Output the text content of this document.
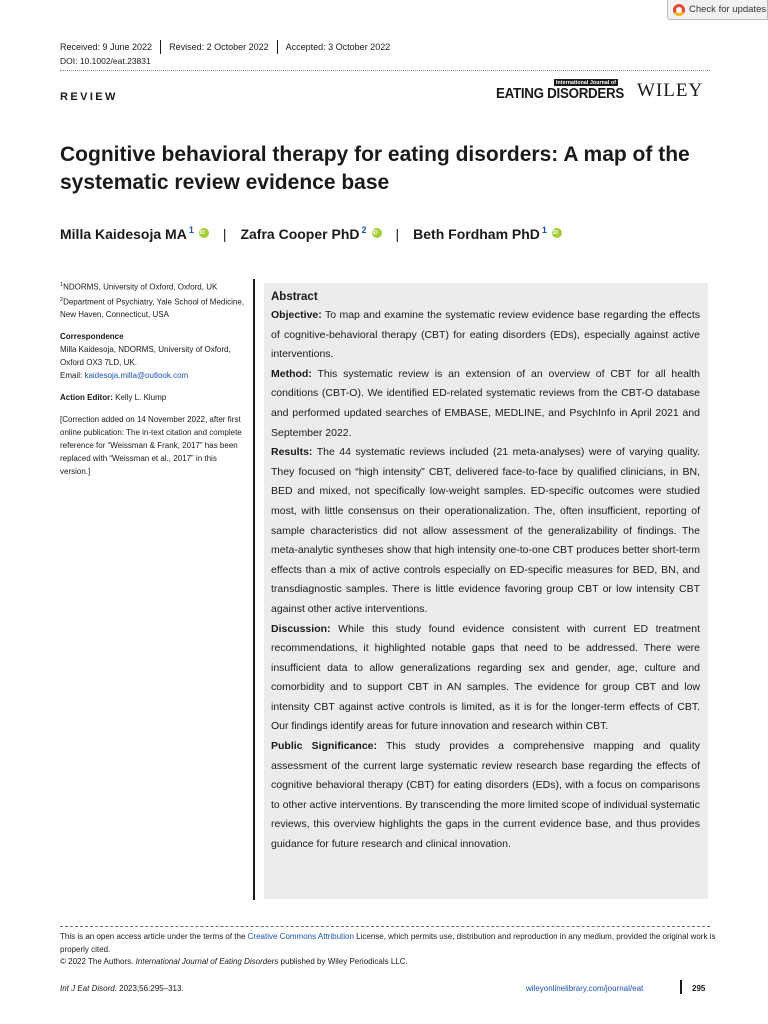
Check for updates
Received: 9 June 2022 Revised: 2 October 2022 Accepted: 3 October 2022
DOI: 10.1002/eat.23831
REVIEW
International Journal of
EATING DISORDERS WILEY
Cognitive behavioral therapy for eating disorders: A map of the systematic review evidence base
Milla Kaidesoja $MA^1$ iD | Zafra Cooper PhD$^2$ iD | Beth Fordham PhD$^1$
iD

$^1$NDORMS, University of Oxford, Oxford, UK

$^2$Department of Psychiatry, Yale School of Medicine, New Haven, Connecticut, USA

Correspondence

Milla Kaidesoja, NDORMS, University of Oxford, Oxford OX3 7LD, UK.

Email: kaidesoja.milla@outlook.com

Action Editor: Kelly L. Klump

[Correction added on 14 November 2022, after first online publication: The in-text citation and complete reference for “Weissman & Frank, 2017” has been replaced with “Weissman et al., 2017” in this version.]

Abstract

Objective: To map and examine the systematic review evidence base regarding the effects of cognitive-behavioral therapy (CBT) for eating disorders (EDs), especially against active interventions.

Method: This systematic review is an extension of an overview of CBT for all health conditions (CBT-O). We identified ED-related systematic reviews from the CBT-O database and performed updated searches of EMBASE, MEDLINE, and PsychInfo in April 2021 and September 2022.

Results: The 44 systematic reviews included (21 meta-analyses) were of varying quality. They focused on “high intensity” CBT, delivered face-to-face by qualified clinicians, in BN, BED and mixed, not specifically low-weight samples. ED-specific outcomes were studied most, with little consensus on their operationalization. The, often insufficient, reporting of sample characteristics did not allow assessment of the generalizability of findings. The meta-analytic syntheses show that high intensity one-to-one CBT produces better short-term effects than a mix of active controls especially on ED-specific measures for BED, BN, and transdiagnostic samples. There is little evidence favoring group CBT or low intensity CBT against other active interventions.

Discussion: While this study found evidence consistent with current ED treatment recommendations, it highlighted notable gaps that need to be addressed. There were insufficient data to allow generalizations regarding sex and gender, age, culture and comorbidity and to support CBT in AN samples. The evidence for group CBT and low intensity CBT against active controls is limited, as it is for the longer-term effects of CBT. Our findings identify areas for future innovation and research within CBT.

Public Significance: This study provides a comprehensive mapping and quality assessment of the current large systematic review research base regarding the effects of cognitive behavioral therapy (CBT) for eating disorders (EDs), with a focus on comparisons to other active interventions. By transcending the more limited scope of individual systematic reviews, this overview highlights the gaps in the current evidence base, and thus provides guidance for future research and clinical innovation.

This is an open access article under the terms of the Creative Commons Attribution License, which permits use, distribution and reproduction in any medium, provided the original work is properly cited.

© 2022 The Authors. International Journal of Eating Disorders published by Wiley Periodicals LLC.

Int J Eat Disord. 2023;56:295–313.	wileyonlinelibrary.com/journal/eat	295
